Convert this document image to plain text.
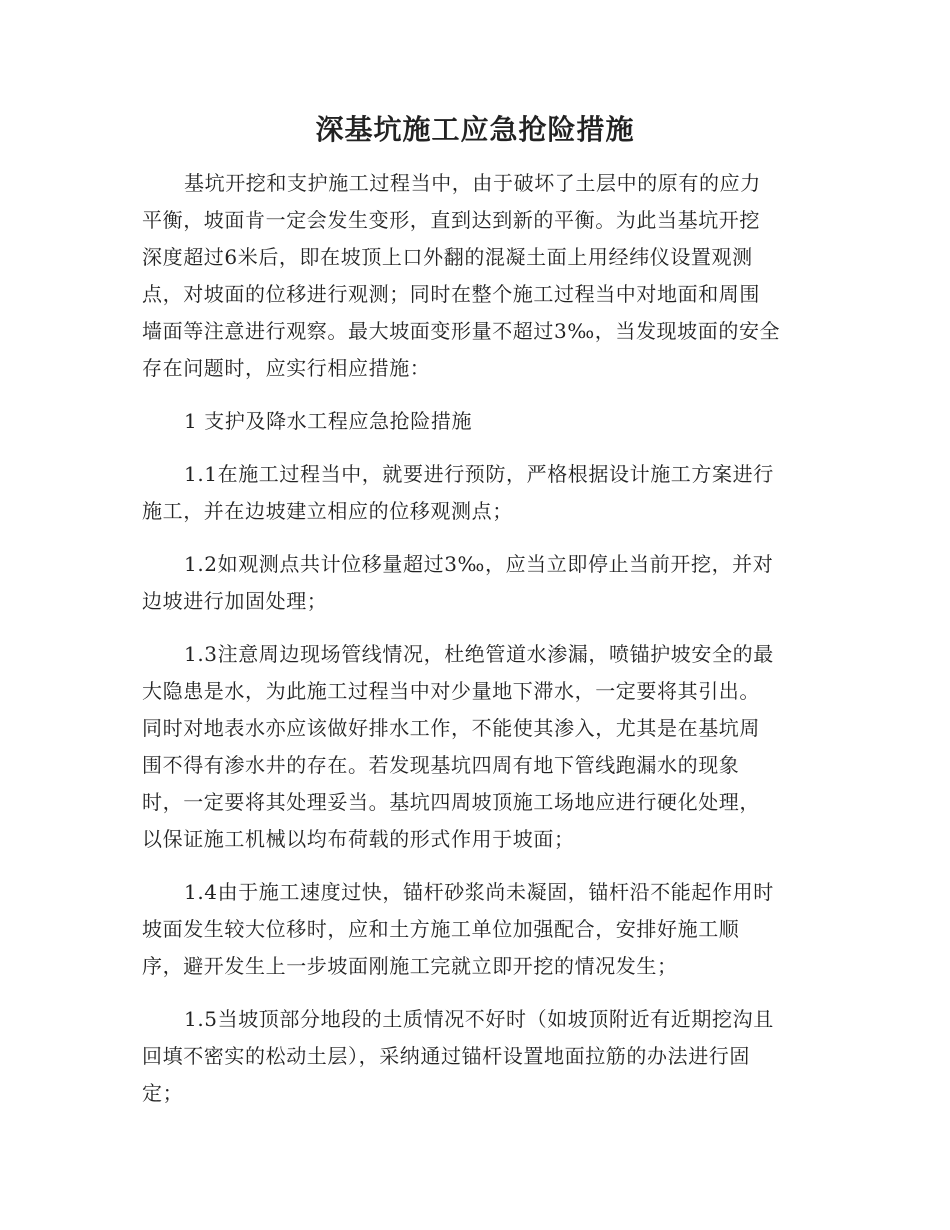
深基坑施工应急抢险措施

基坑开挖和支护施工过程当中，由于破坏了土层中的原有的应力

平衡，坡面肯一定会发生变形，直到达到新的平衡。为此当基坑开挖

深度超过6米后，即在坡顶上口外翻的混凝土面上用经纬仪设置观测

点，对坡面的位移进行观测；同时在整个施工过程当中对地面和周围

墙面等注意进行观察。最大坡面变形量不超过3‰，当发现坡面的安全

存在问题时，应实行相应措施：

1 支护及降水工程应急抢险措施

1.1在施工过程当中，就要进行预防，严格根据设计施工方案进行

施工，并在边坡建立相应的位移观测点；

1.2如观测点共计位移量超过3‰，应当立即停止当前开挖，并对

边坡进行加固处理；

1.3注意周边现场管线情况，杜绝管道水渗漏，喷锚护坡安全的最

大隐患是水，为此施工过程当中对少量地下滞水，一定要将其引出。

同时对地表水亦应该做好排水工作，不能使其渗入，尤其是在基坑周

围不得有渗水井的存在。若发现基坑四周有地下管线跑漏水的现象

时，一定要将其处理妥当。基坑四周坡顶施工场地应进行硬化处理，

以保证施工机械以均布荷载的形式作用于坡面；

1.4由于施工速度过快，锚杆砂浆尚未凝固，锚杆沿不能起作用时

坡面发生较大位移时，应和土方施工单位加强配合，安排好施工顺

序，避开发生上一步坡面刚施工完就立即开挖的情况发生；

1.5当坡顶部分地段的土质情况不好时（如坡顶附近有近期挖沟且

回填不密实的松动土层），采纳通过锚杆设置地面拉筋的办法进行固

定；
